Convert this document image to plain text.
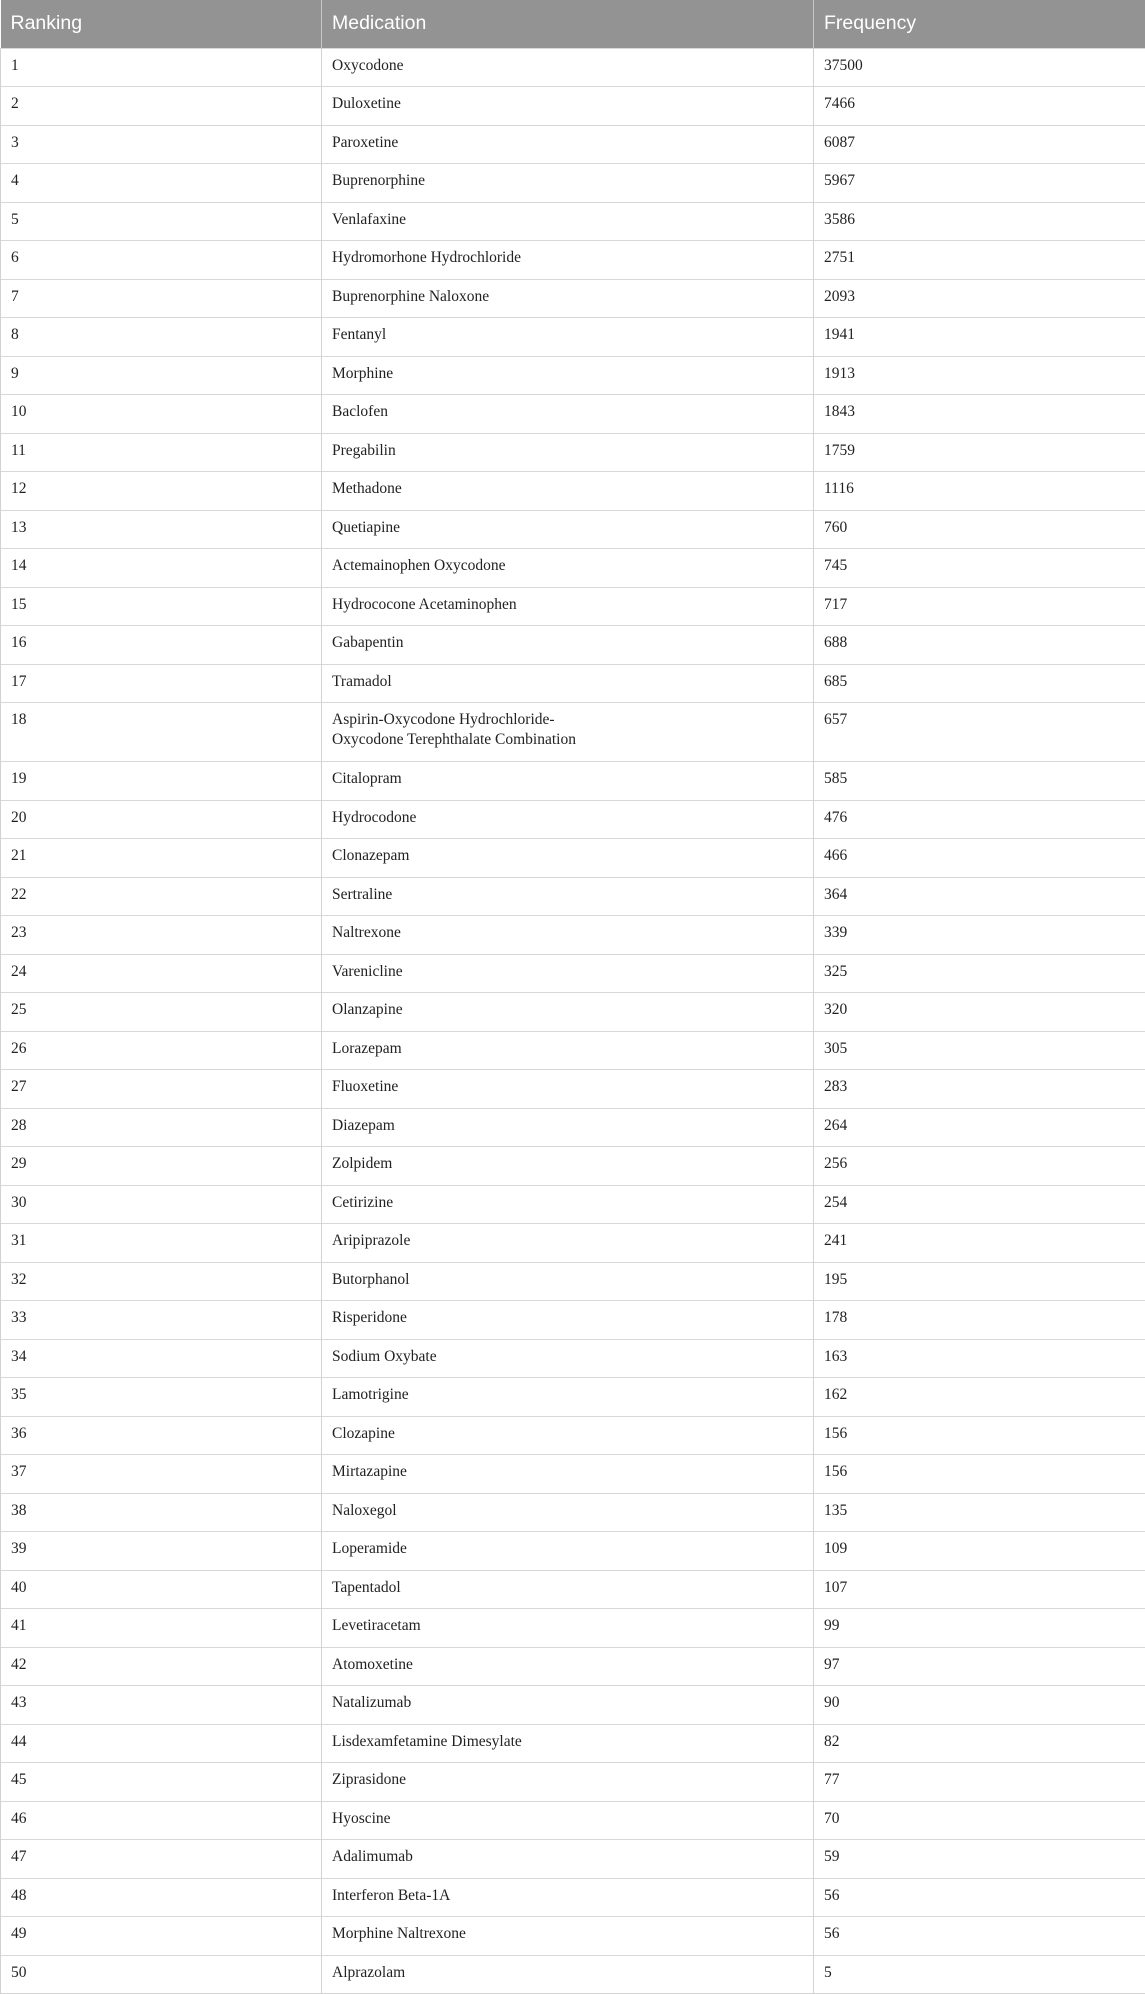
Ranking	Medication	Frequency
1	Oxycodone	37500
2	Duloxetine	7466
3	Paroxetine	6087
4	Buprenorphine	5967
5	Venlafaxine	3586
6	Hydromorhone Hydrochloride	2751
7	Buprenorphine Naloxone	2093
8	Fentanyl	1941
9	Morphine	1913
10	Baclofen	1843
11	Pregabilin	1759
12	Methadone	1116
13	Quetiapine	760
14	Actemainophen Oxycodone	745
15	Hydrococone Acetaminophen	717
16	Gabapentin	688
17	Tramadol	685
18	Aspirin-Oxycodone Hydrochloride-
Oxycodone Terephthalate Combination	657
19	Citalopram	585
20	Hydrocodone	476
21	Clonazepam	466
22	Sertraline	364
23	Naltrexone	339
24	Varenicline	325
25	Olanzapine	320
26	Lorazepam	305
27	Fluoxetine	283
28	Diazepam	264
29	Zolpidem	256
30	Cetirizine	254
31	Aripiprazole	241
32	Butorphanol	195
33	Risperidone	178
34	Sodium Oxybate	163
35	Lamotrigine	162
36	Clozapine	156
37	Mirtazapine	156
38	Naloxegol	135
39	Loperamide	109
40	Tapentadol	107
41	Levetiracetam	99
42	Atomoxetine	97
43	Natalizumab	90
44	Lisdexamfetamine Dimesylate	82
45	Ziprasidone	77
46	Hyoscine	70
47	Adalimumab	59
48	Interferon Beta-1A	56
49	Morphine Naltrexone	56
50	Alprazolam	5
